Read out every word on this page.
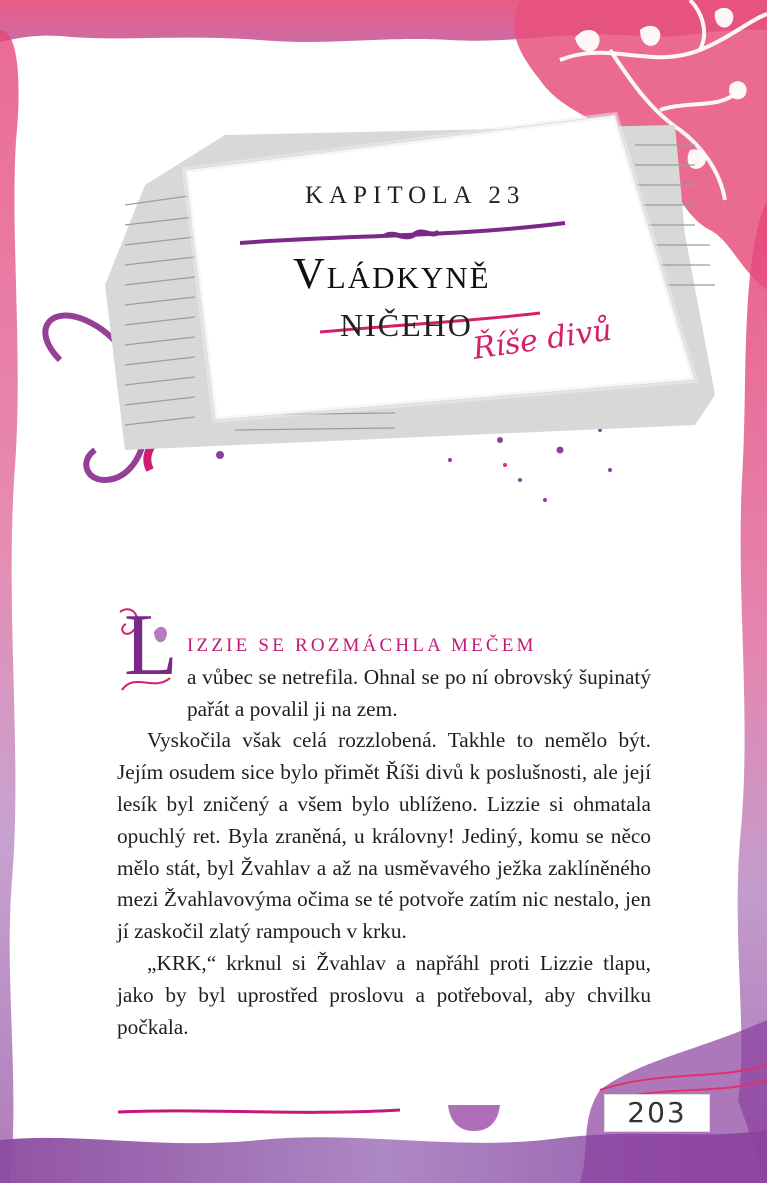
KAPITOLA 23
Vládkyně
NIČEHO
Říše divů
L IZZIE SE ROZMÁCHLA MEČEM
a vůbec se netrefila. Ohnal se po ní obrovský šupinatý pařát a povalil ji na zem.

Vyskočila však celá rozzlobená. Takhle to nemělo být. Jejím osudem sice bylo přimět Říši divů k poslušnosti, ale její lesík byl zničený a všem bylo ublíženo. Lizzie si ohmatala opuchlý ret. Byla zraněná, u královny! Jediný, komu se něco mělo stát, byl Žvahlav a až na usměvavého ježka zaklíněného mezi Žvahlavovýma očima se té potvoře zatím nic nestalo, jen jí zaskočil zlatý rampouch v krku.

„KRK,“ krknul si Žvahlav a napřáhl proti Lizzie tlapu, jako by byl uprostřed proslovu a potřeboval, aby chvilku počkala.

203
